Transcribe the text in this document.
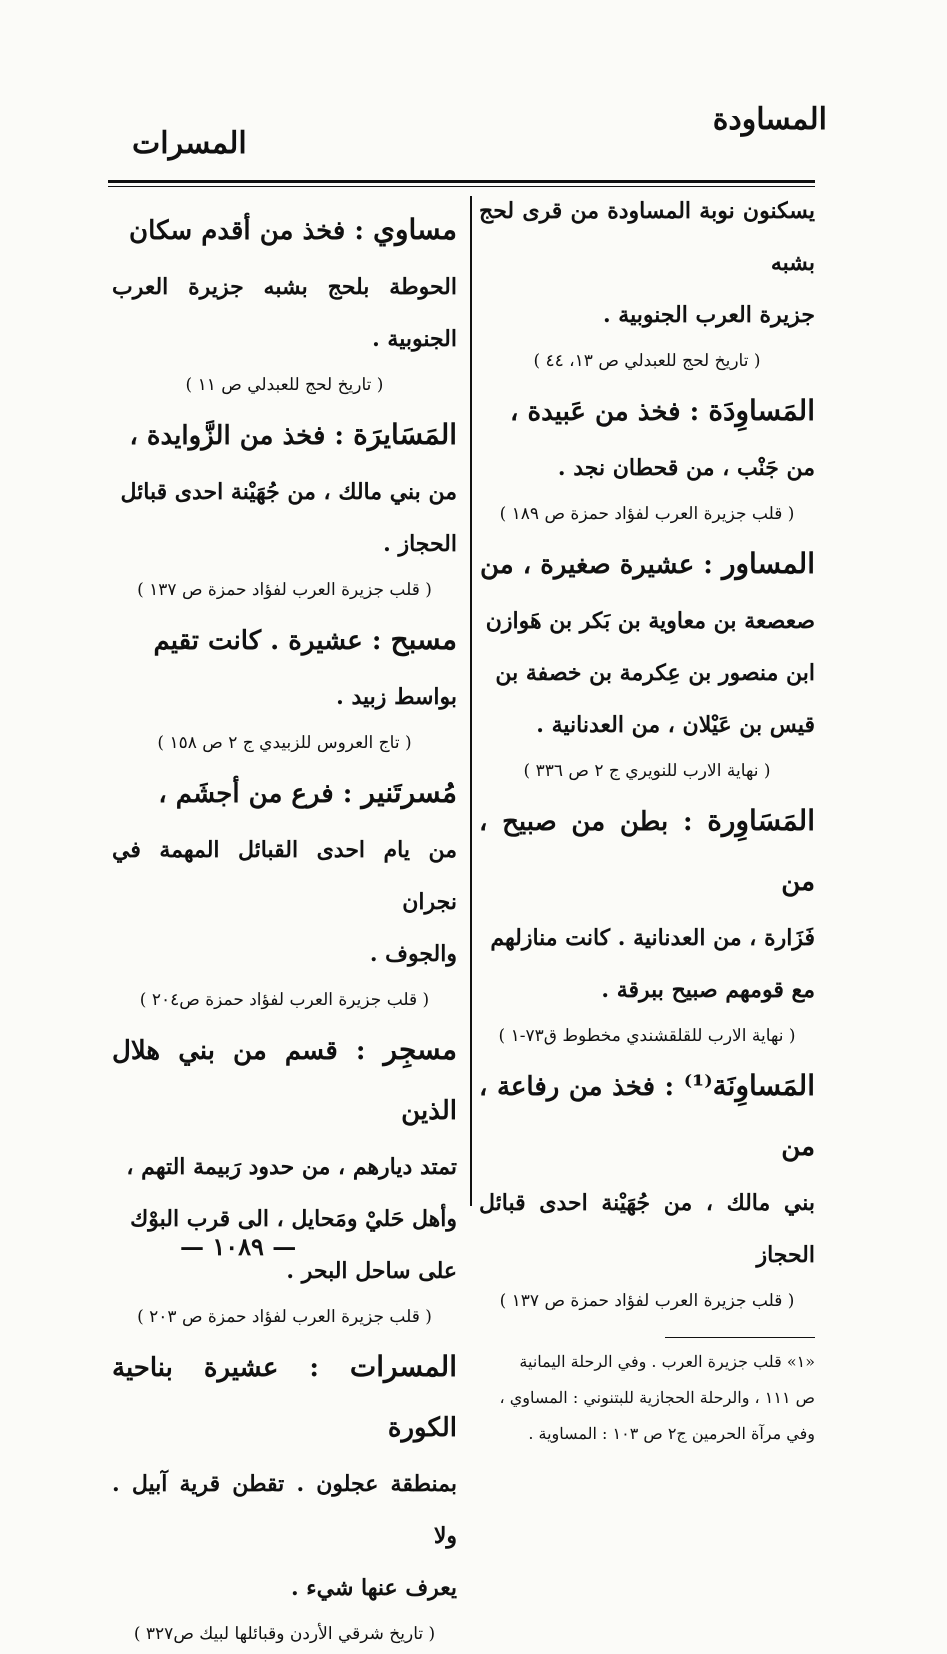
المساودة
المسرات

يسكنون نوبة المساودة من قرى لحج بشبه

جزيرة العرب الجنوبية .

( تاريخ لحج للعبدلي ص ١٣، ٤٤ )

المَساوِدَة : فخذ من عَبيدة ،

من جَنْب ، من قحطان نجد .

( قلب جزيرة العرب لفؤاد حمزة ص ١٨٩ )

المساور : عشيرة صغيرة ، من

صعصعة بن معاوية بن بَكر بن هَوازن

ابن منصور بن عِكرمة بن خصفة بن

قيس بن عَيْلان ، من العدنانية .

( نهاية الارب للنويري ج ٢ ص ٣٣٦ )

المَسَاوِرة : بطن من صبيح ، من

فَزَارة ، من العدنانية . كانت منازلهم

مع قومهم صبيح ببرقة .

( نهاية الارب للقلقشندي مخطوط ق٧٣-١ )

المَساوِنَة⁽¹⁾ : فخذ من رفاعة ، من

بني مالك ، من جُهَيْنة احدى قبائل الحجاز

( قلب جزيرة العرب لفؤاد حمزة ص ١٣٧ )

«١» قلب جزيرة العرب . وفي الرحلة اليمانية

ص ١١١ ، والرحلة الحجازية للبتنوني : المساوي ،

وفي مرآة الحرمين ج٢ ص ١٠٣ : المساوية .

مساوي : فخذ من أقدم سكان

الحوطة بلحج بشبه جزيرة العرب الجنوبية .

( تاريخ لحج للعبدلي ص ١١ )

المَسَايرَة : فخذ من الزَّوايدة ،

من بني مالك ، من جُهَيْنة احدى قبائل

الحجاز .

( قلب جزيرة العرب لفؤاد حمزة ص ١٣٧ )

مسبح : عشيرة . كانت تقيم

بواسط زبيد .

( تاج العروس للزبيدي ج ٢ ص ١٥٨ )

مُسرتَنير : فرع من أجشَم ،

من يام احدى القبائل المهمة في نجران

والجوف .

( قلب جزيرة العرب لفؤاد حمزة ص٢٠٤ )

مسجِر : قسم من بني هلال الذين

تمتد ديارهم ، من حدود رَبيمة التهم ،

وأهل حَليْ ومَحايل ، الى قرب البوْك

على ساحل البحر .

( قلب جزيرة العرب لفؤاد حمزة ص ٢٠٣ )

المسرات : عشيرة بناحية الكورة

بمنطقة عجلون . تقطن قرية آبيل . ولا

يعرف عنها شيء .

( تاريخ شرقي الأردن وقبائلها لبيك ص٣٢٧ )

— ١٠٨٩ —
